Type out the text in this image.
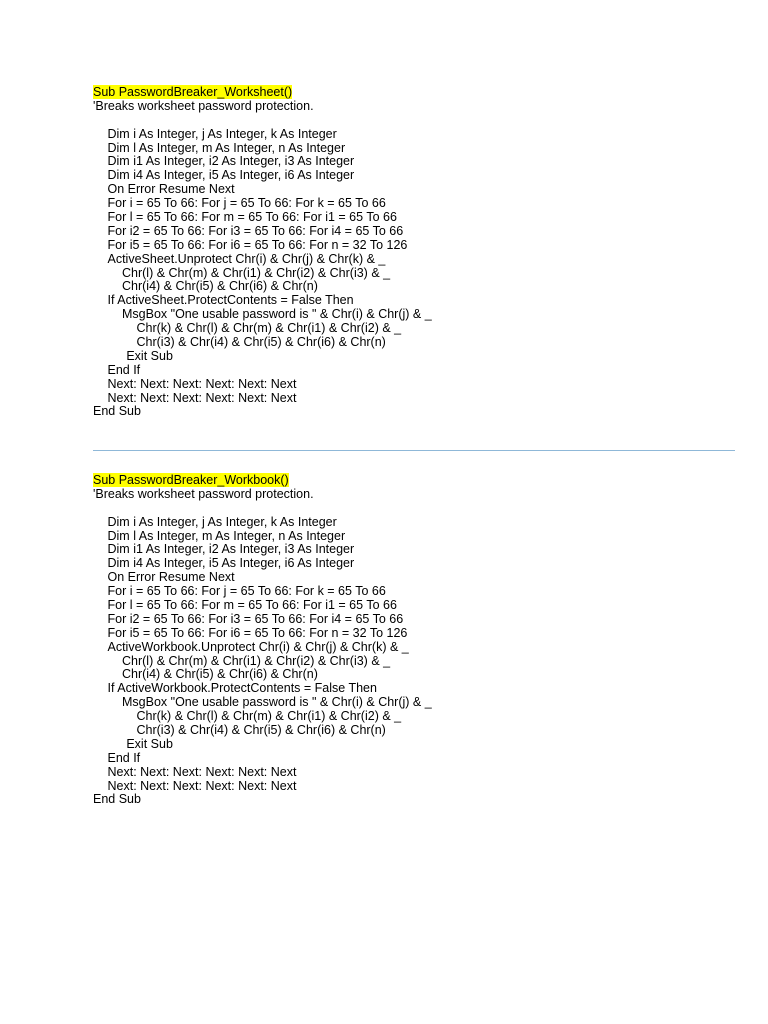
Sub PasswordBreaker_Worksheet()
'Breaks worksheet password protection.
Dim i As Integer, j As Integer, k As Integer
Dim l As Integer, m As Integer, n As Integer
Dim i1 As Integer, i2 As Integer, i3 As Integer
Dim i4 As Integer, i5 As Integer, i6 As Integer
On Error Resume Next
For i = 65 To 66: For j = 65 To 66: For k = 65 To 66
For l = 65 To 66: For m = 65 To 66: For i1 = 65 To 66
For i2 = 65 To 66: For i3 = 65 To 66: For i4 = 65 To 66
For i5 = 65 To 66: For i6 = 65 To 66: For n = 32 To 126
ActiveSheet.Unprotect Chr(i) & Chr(j) & Chr(k) & _
Chr(l) & Chr(m) & Chr(i1) & Chr(i2) & Chr(i3) & _
Chr(i4) & Chr(i5) & Chr(i6) & Chr(n)
If ActiveSheet.ProtectContents = False Then
MsgBox "One usable password is " & Chr(i) & Chr(j) & _
Chr(k) & Chr(l) & Chr(m) & Chr(i1) & Chr(i2) & _
Chr(i3) & Chr(i4) & Chr(i5) & Chr(i6) & Chr(n)
Exit Sub
End If
Next: Next: Next: Next: Next: Next
Next: Next: Next: Next: Next: Next
End Sub
Sub PasswordBreaker_Workbook()
'Breaks worksheet password protection.
Dim i As Integer, j As Integer, k As Integer
Dim l As Integer, m As Integer, n As Integer
Dim i1 As Integer, i2 As Integer, i3 As Integer
Dim i4 As Integer, i5 As Integer, i6 As Integer
On Error Resume Next
For i = 65 To 66: For j = 65 To 66: For k = 65 To 66
For l = 65 To 66: For m = 65 To 66: For i1 = 65 To 66
For i2 = 65 To 66: For i3 = 65 To 66: For i4 = 65 To 66
For i5 = 65 To 66: For i6 = 65 To 66: For n = 32 To 126
ActiveWorkbook.Unprotect Chr(i) & Chr(j) & Chr(k) & _
Chr(l) & Chr(m) & Chr(i1) & Chr(i2) & Chr(i3) & _
Chr(i4) & Chr(i5) & Chr(i6) & Chr(n)
If ActiveWorkbook.ProtectContents = False Then
MsgBox "One usable password is " & Chr(i) & Chr(j) & _
Chr(k) & Chr(l) & Chr(m) & Chr(i1) & Chr(i2) & _
Chr(i3) & Chr(i4) & Chr(i5) & Chr(i6) & Chr(n)
Exit Sub
End If
Next: Next: Next: Next: Next: Next
Next: Next: Next: Next: Next: Next
End Sub
